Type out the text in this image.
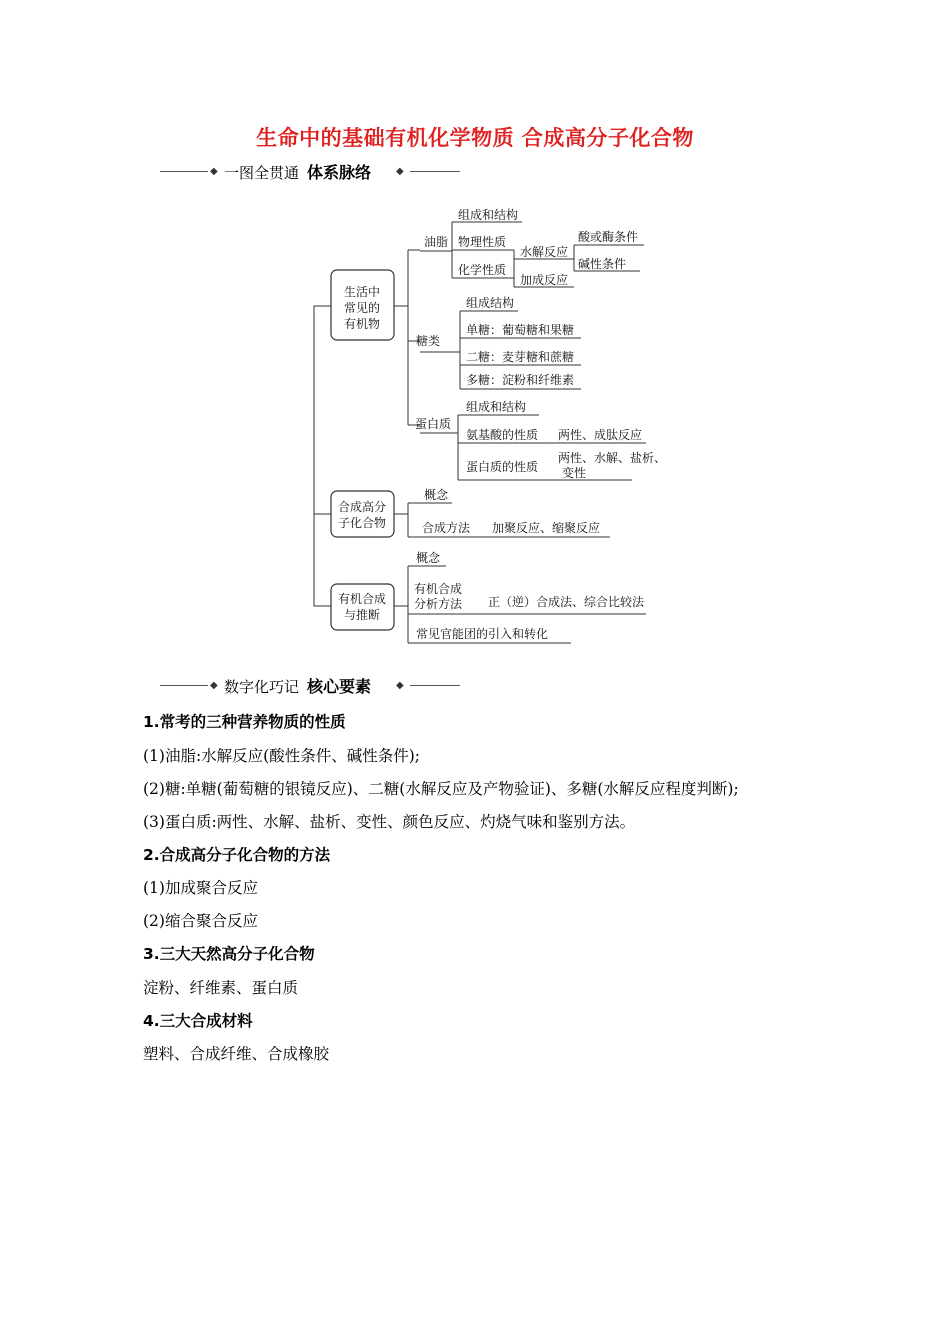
生命中的基础有机化学物质 合成高分子化合物
◆ 一图全贯通 体系脉络 ◆
生活中
常见的
有机物
油脂
组成和结构
物理性质
化学性质
水解反应
酸或酶条件
碱性条件
加成反应
糖类
组成结构
单糖：葡萄糖和果糖
二糖：麦芽糖和蔗糖
多糖：淀粉和纤维素
蛋白质
组成和结构
氨基酸的性质 两性、成肽反应
蛋白质的性质
两性、水解、盐析、
变性
合成高分
子化合物
概念
合成方法 加聚反应、缩聚反应
有机合成
与推断
概念
有机合成
分析方法 正（逆）合成法、综合比较法
常见官能团的引入和转化
◆ 数字化巧记 核心要素 ◆
1.常考的三种营养物质的性质
(1)油脂:水解反应(酸性条件、碱性条件);
(2)糖:单糖(葡萄糖的银镜反应)、二糖(水解反应及产物验证)、多糖(水解反应程度判断);
(3)蛋白质:两性、水解、盐析、变性、颜色反应、灼烧气味和鉴别方法。
2.合成高分子化合物的方法
(1)加成聚合反应
(2)缩合聚合反应
3.三大天然高分子化合物
淀粉、纤维素、蛋白质
4.三大合成材料
塑料、合成纤维、合成橡胶
